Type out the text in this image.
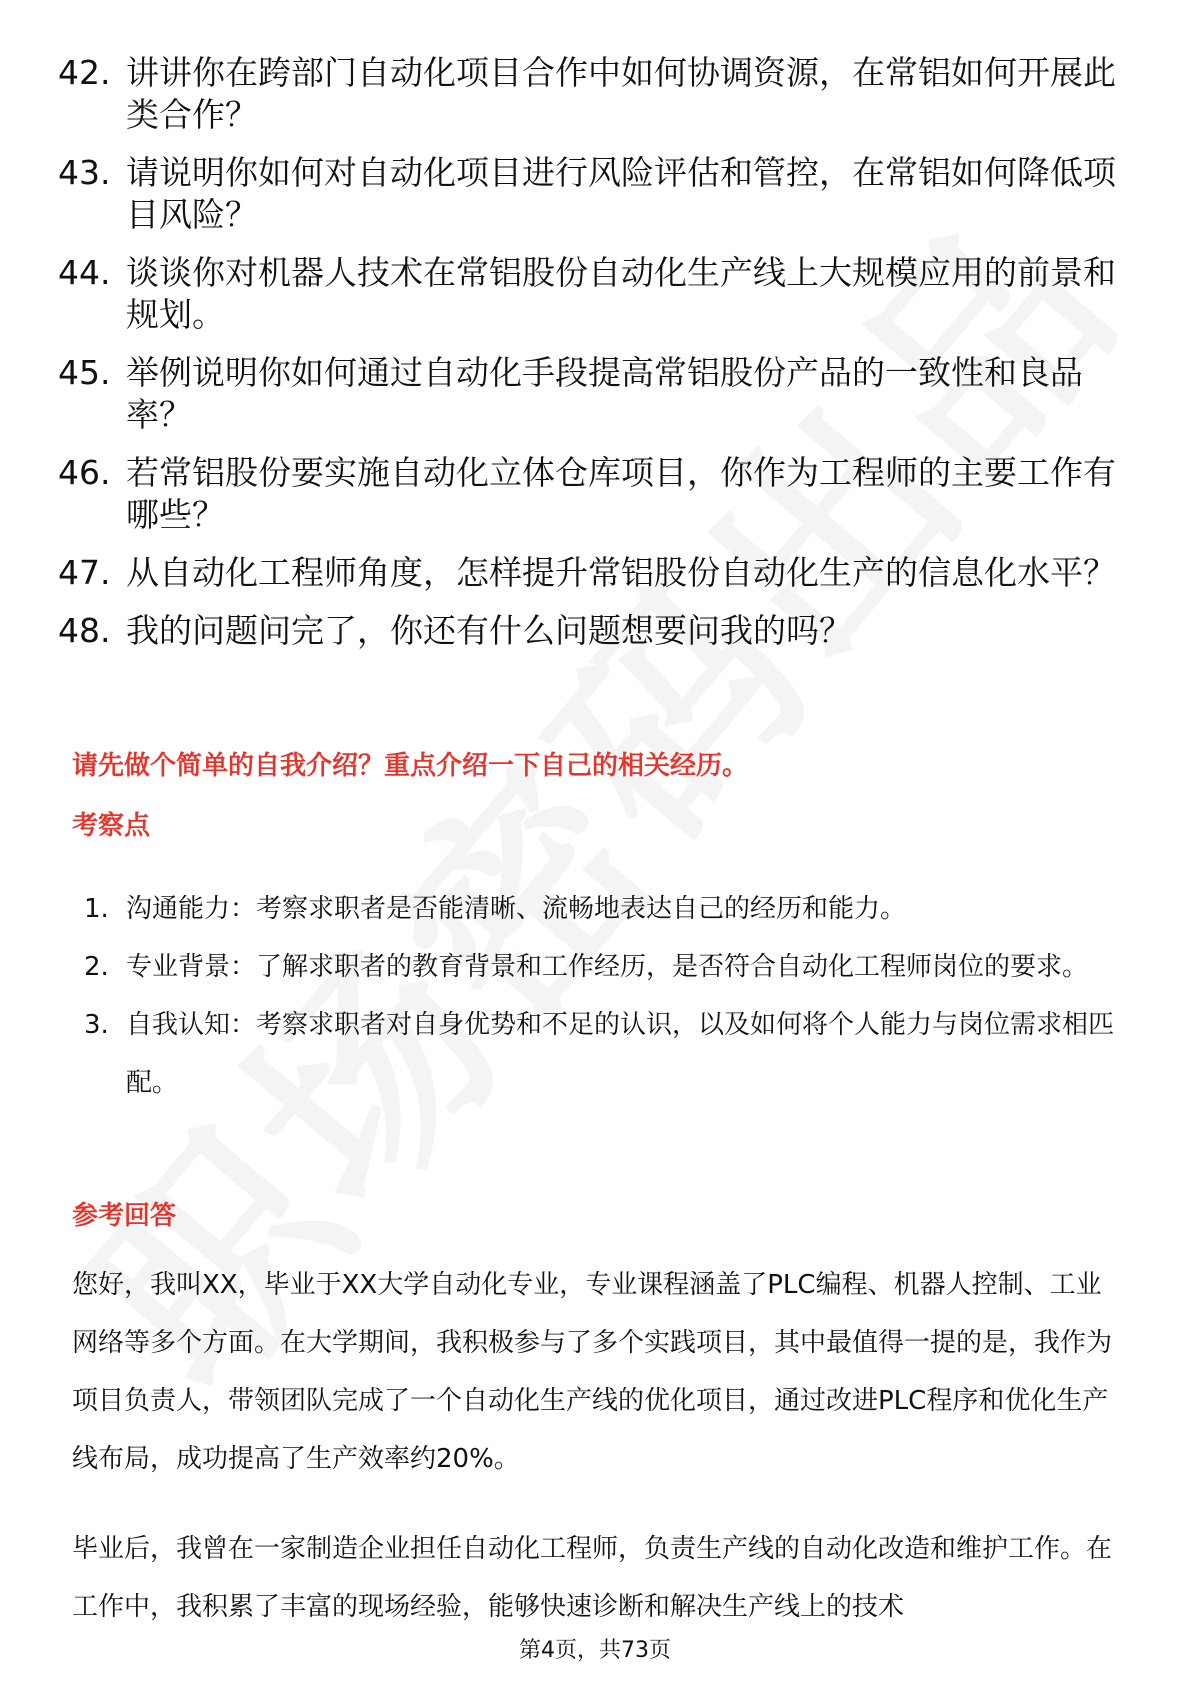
42. 讲讲你在跨部门自动化项目合作中如何协调资源，在常铝如何开展此类合作？
43. 请说明你如何对自动化项目进行风险评估和管控，在常铝如何降低项目风险？
44. 谈谈你对机器人技术在常铝股份自动化生产线上大规模应用的前景和规划。
45. 举例说明你如何通过自动化手段提高常铝股份产品的一致性和良品率？
46. 若常铝股份要实施自动化立体仓库项目，你作为工程师的主要工作有哪些？
47. 从自动化工程师角度，怎样提升常铝股份自动化生产的信息化水平？
48. 我的问题问完了，你还有什么问题想要问我的吗？
请先做个简单的自我介绍？重点介绍一下自己的相关经历。
考察点
1. 沟通能力：考察求职者是否能清晰、流畅地表达自己的经历和能力。
2. 专业背景：了解求职者的教育背景和工作经历，是否符合自动化工程师岗位的要求。
3. 自我认知：考察求职者对自身优势和不足的认识，以及如何将个人能力与岗位需求相匹配。
参考回答

您好，我叫XX，毕业于XX大学自动化专业，专业课程涵盖了PLC编程、机器人控制、工业网络等多个方面。在大学期间，我积极参与了多个实践项目，其中最值得一提的是，我作为项目负责人，带领团队完成了一个自动化生产线的优化项目，通过改进PLC程序和优化生产线布局，成功提高了生产效率约20%。

毕业后，我曾在一家制造企业担任自动化工程师，负责生产线的自动化改造和维护工作。在工作中，我积累了丰富的现场经验，能够快速诊断和解决生产线上的技术

第4页，共73页
